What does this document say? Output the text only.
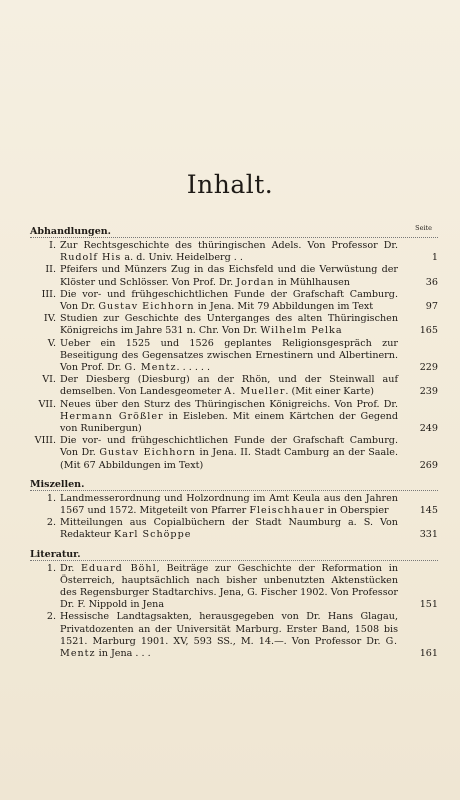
Inhalt.
Seite
Abhandlungen.
I. Zur Rechtsgeschichte des thüringischen Adels. Von Professor Dr. Rudolf His a. d. Univ. Heidelberg . .	1
II. Pfeifers und Münzers Zug in das Eichsfeld und die Verwüstung der Klöster und Schlösser. Von Prof. Dr. Jordan in Mühlhausen	36
III. Die vor- und frühgeschichtlichen Funde der Grafschaft Camburg. Von Dr. Gustav Eichhorn in Jena. Mit 79 Abbildungen im Text	97
IV. Studien zur Geschichte des Unterganges des alten Thüringischen Königreichs im Jahre 531 n. Chr. Von Dr. Wilhelm Pelka	165
V. Ueber ein 1525 und 1526 geplantes Religionsgespräch zur Beseitigung des Gegensatzes zwischen Ernestinern und Albertinern. Von Prof. Dr. G. Mentz. . . . . .	229
VI. Der Diesberg (Diesburg) an der Rhön, und der Steinwall auf demselben. Von Landesgeometer A. Mueller. (Mit einer Karte)	239
VII. Neues über den Sturz des Thüringischen Königreichs. Von Prof. Dr. Hermann Größler in Eisleben. Mit einem Kärtchen der Gegend von Runibergun)	249
VIII. Die vor- und frühgeschichtlichen Funde der Grafschaft Camburg. Von Dr. Gustav Eichhorn in Jena. II. Stadt Camburg an der Saale. (Mit 67 Abbildungen im Text)	269
Miszellen.
1. Landmesserordnung und Holzordnung im Amt Keula aus den Jahren 1567 und 1572. Mitgeteilt von Pfarrer Fleischhauer in Oberspier	145
2. Mitteilungen aus Copialbüchern der Stadt Naumburg a. S. Von Redakteur Karl Schöppe	331
Literatur.
1. Dr. Eduard Böhl, Beiträge zur Geschichte der Reformation in Österreich, hauptsächlich nach bisher unbenutzten Aktenstücken des Regensburger Stadtarchivs. Jena, G. Fischer 1902. Von Professor Dr. F. Nippold in Jena	151
2. Hessische Landtagsakten, herausgegeben von Dr. Hans Glagau, Privatdozenten an der Universität Marburg. Erster Band, 1508 bis 1521. Marburg 1901. XV, 593 SS., M. 14.—. Von Professor Dr. G. Mentz in Jena . . .	161
